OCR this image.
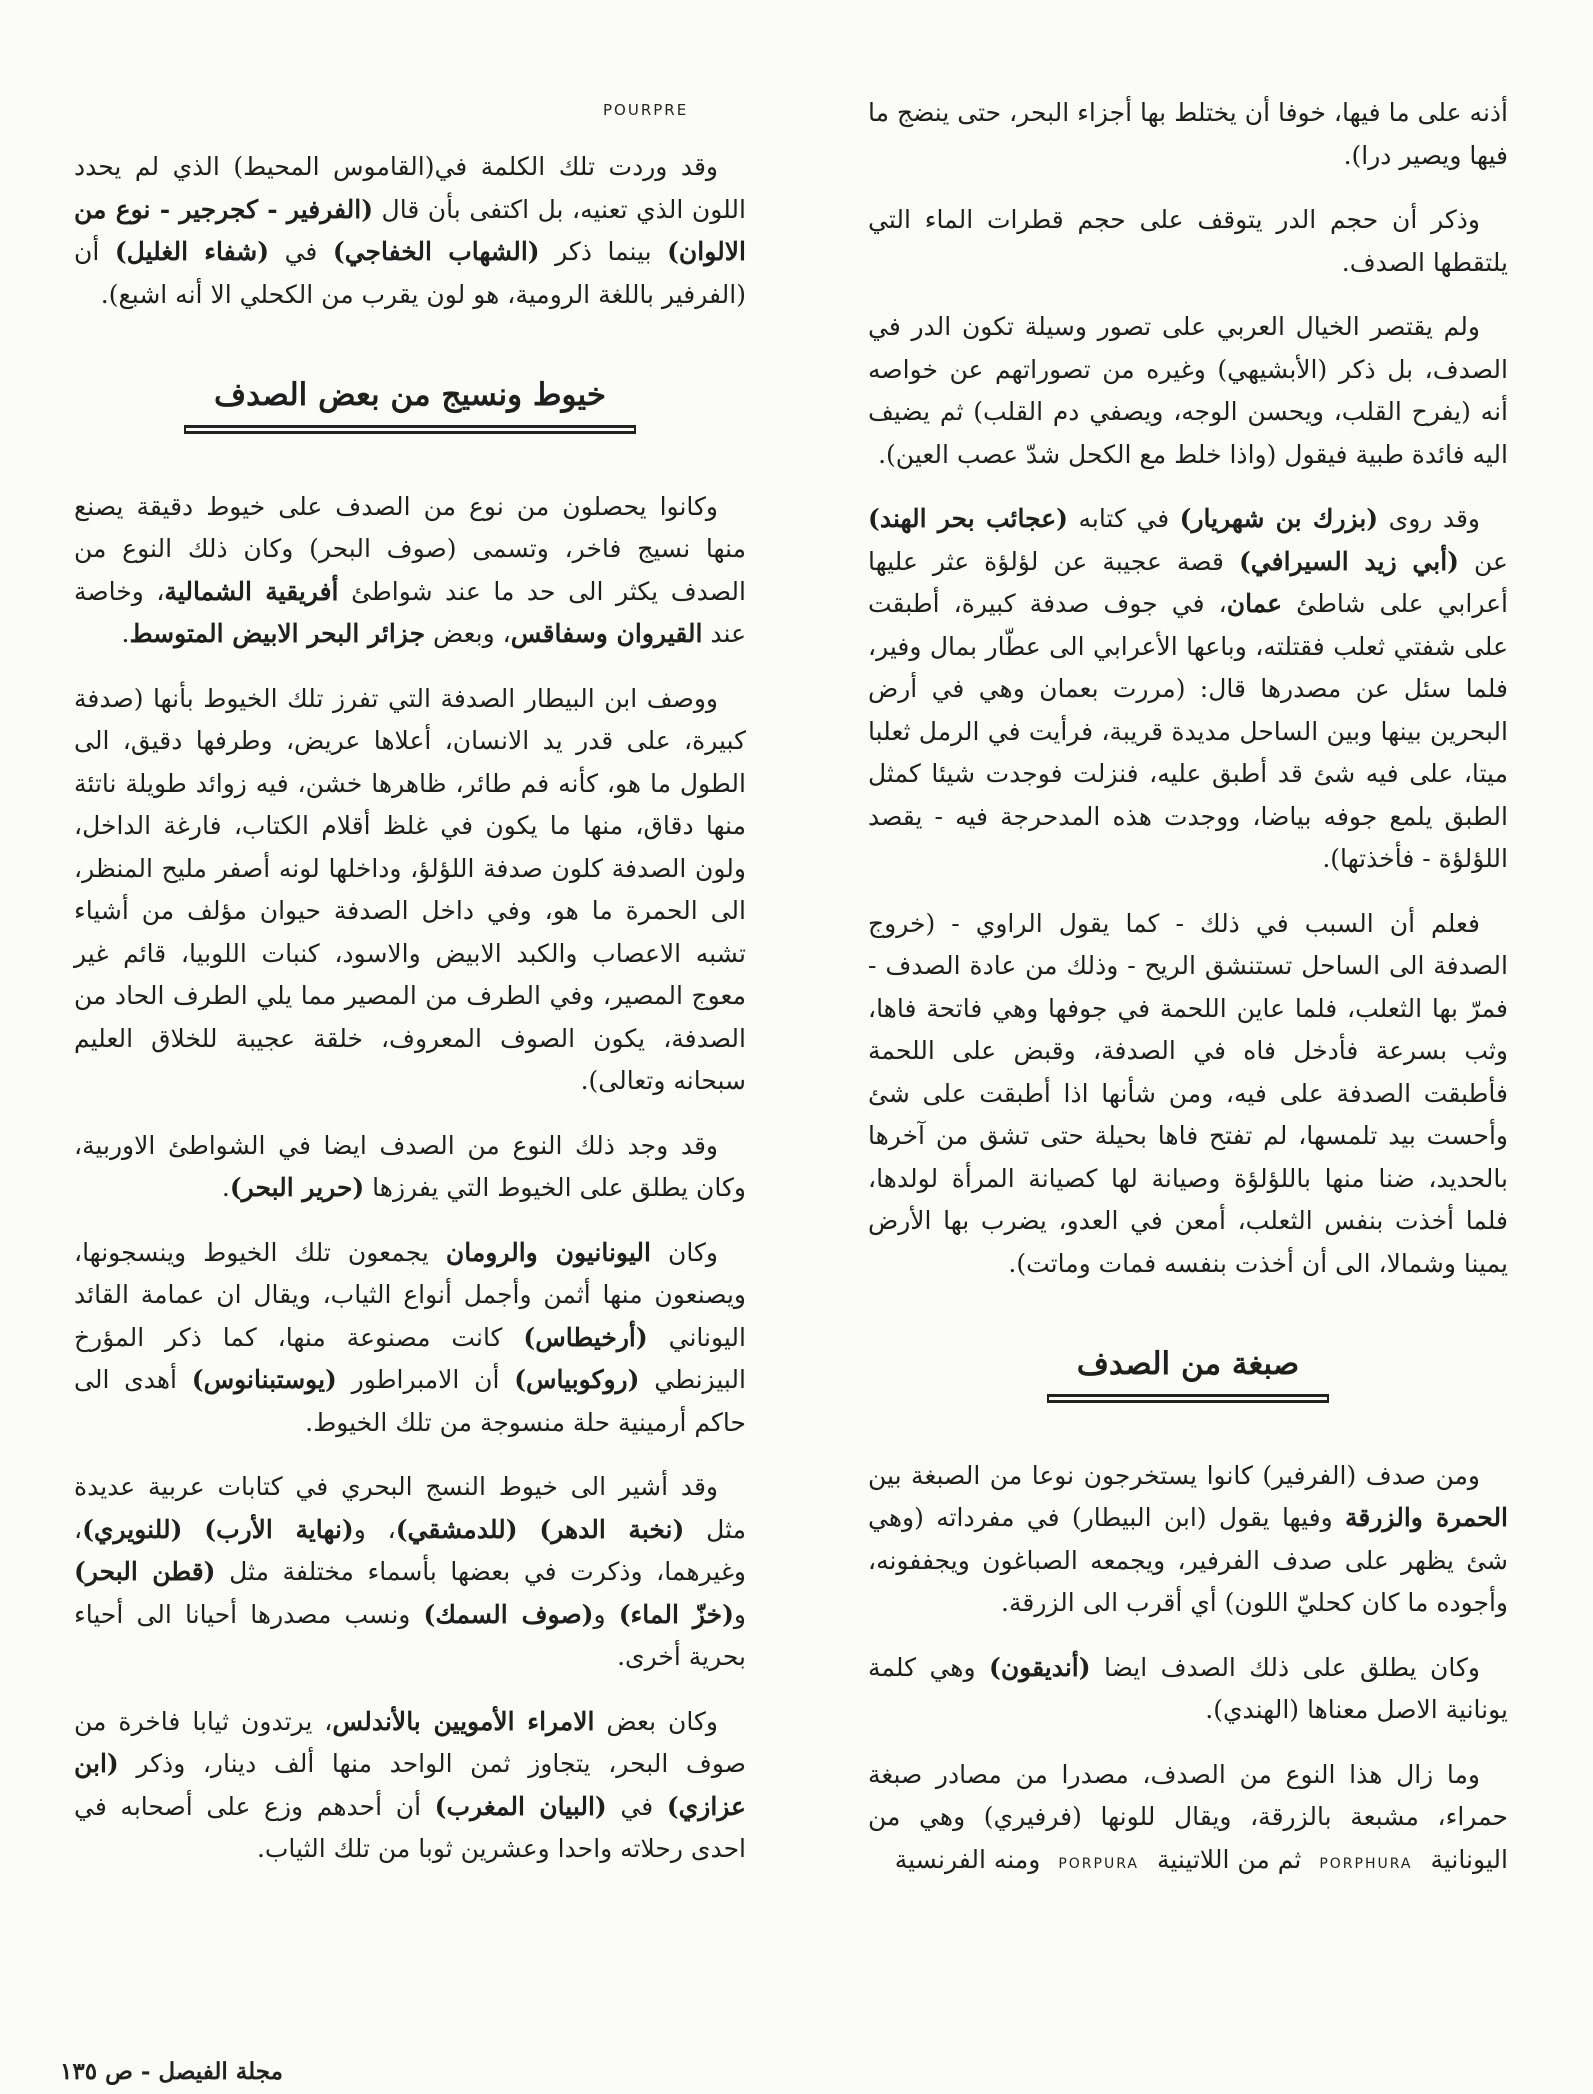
POURPRE	أذنه على ما فيها، خوفا أن يختلط بها أجزاء البحر، حتى ينضج ما فيها ويصير درا).

وذكر أن حجم الدر يتوقف على حجم قطرات الماء التي يلتقطها الصدف.

ولم يقتصر الخيال العربي على تصور وسيلة تكون الدر في الصدف، بل ذكر (الأبشيهي) وغيره من تصوراتهم عن خواصه أنه (يفرح القلب، ويحسن الوجه، ويصفي دم القلب) ثم يضيف اليه فائدة طبية فيقول (واذا خلط مع الكحل شدّ عصب العين).

وقد روى (بزرك بن شهريار) في كتابه (عجائب بحر الهند) عن (أبي زيد السيرافي) قصة عجيبة عن لؤلؤة عثر عليها أعرابي على شاطئ عمان، في جوف صدفة كبيرة، أطبقت على شفتي ثعلب فقتلته، وباعها الأعرابي الى عطّار بمال وفير، فلما سئل عن مصدرها قال: (مررت بعمان وهي في أرض البحرين بينها وبين الساحل مديدة قريبة، فرأيت في الرمل ثعلبا ميتا، على فيه شئ قد أطبق عليه، فنزلت فوجدت شيئا كمثل الطبق يلمع جوفه بياضا، ووجدت هذه المدحرجة فيه - يقصد اللؤلؤة - فأخذتها).

فعلم أن السبب في ذلك - كما يقول الراوي - (خروج الصدفة الى الساحل تستنشق الريح - وذلك من عادة الصدف - فمرّ بها الثعلب، فلما عاين اللحمة في جوفها وهي فاتحة فاها، وثب بسرعة فأدخل فاه في الصدفة، وقبض على اللحمة فأطبقت الصدفة على فيه، ومن شأنها اذا أطبقت على شئ وأحست بيد تلمسها، لم تفتح فاها بحيلة حتى تشق من آخرها بالحديد، ضنا منها باللؤلؤة وصيانة لها كصيانة المرأة لولدها، فلما أخذت بنفس الثعلب، أمعن في العدو، يضرب بها الأرض يمينا وشمالا، الى أن أخذت بنفسه فمات وماتت).

صبغة من الصدف

ومن صدف (الفرفير) كانوا يستخرجون نوعا من الصبغة بين الحمرة والزرقة وفيها يقول (ابن البيطار) في مفرداته (وهي شئ يظهر على صدف الفرفير، ويجمعه الصباغون ويجففونه، وأجوده ما كان كحليّ اللون) أي أقرب الى الزرقة.

وكان يطلق على ذلك الصدف ايضا (أنديقون) وهي كلمة يونانية الاصل معناها (الهندي).

وما زال هذا النوع من الصدف، مصدرا من مصادر صبغة حمراء، مشبعة بالزرقة، ويقال للونها (فرفيري) وهي من اليونانيةPORPHURAثم من اللاتينيةPORPURAومنه الفرنسية

وقد وردت تلك الكلمة في(القاموس المحيط) الذي لم يحدد اللون الذي تعنيه، بل اكتفى بأن قال (الفرفير - كجرجير - نوع من الالوان) بينما ذكر (الشهاب الخفاجي) في (شفاء الغليل) أن (الفرفير باللغة الرومية، هو لون يقرب من الكحلي الا أنه اشبع).

خيوط ونسيج من بعض الصدف

وكانوا يحصلون من نوع من الصدف على خيوط دقيقة يصنع منها نسيج فاخر، وتسمى (صوف البحر) وكان ذلك النوع من الصدف يكثر الى حد ما عند شواطئ أفريقية الشمالية، وخاصة عند القيروان وسفاقس، وبعض جزائر البحر الابيض المتوسط.

ووصف ابن البيطار الصدفة التي تفرز تلك الخيوط بأنها (صدفة كبيرة، على قدر يد الانسان، أعلاها عريض، وطرفها دقيق، الى الطول ما هو، كأنه فم طائر، ظاهرها خشن، فيه زوائد طويلة ناتئة منها دقاق، منها ما يكون في غلظ أقلام الكتاب، فارغة الداخل، ولون الصدفة كلون صدفة اللؤلؤ، وداخلها لونه أصفر مليح المنظر، الى الحمرة ما هو، وفي داخل الصدفة حيوان مؤلف من أشياء تشبه الاعصاب والكبد الابيض والاسود، كنبات اللوبيا، قائم غير معوج المصير، وفي الطرف من المصير مما يلي الطرف الحاد من الصدفة، يكون الصوف المعروف، خلقة عجيبة للخلاق العليم سبحانه وتعالى).

وقد وجد ذلك النوع من الصدف ايضا في الشواطئ الاوربية، وكان يطلق على الخيوط التي يفرزها (حرير البحر).

وكان اليونانيون والرومان يجمعون تلك الخيوط وينسجونها، ويصنعون منها أثمن وأجمل أنواع الثياب، ويقال ان عمامة القائد اليوناني (أرخيطاس) كانت مصنوعة منها، كما ذكر المؤرخ البيزنطي (روكوبياس) أن الامبراطور (يوستبنانوس) أهدى الى حاكم أرمينية حلة منسوجة من تلك الخيوط.

وقد أشير الى خيوط النسج البحري في كتابات عربية عديدة مثل (نخبة الدهر) (للدمشقي)، و(نهاية الأرب) (للنويري)، وغيرهما، وذكرت في بعضها بأسماء مختلفة مثل (قطن البحر) و(خزّ الماء) و(صوف السمك) ونسب مصدرها أحيانا الى أحياء بحرية أخرى.

وكان بعض الامراء الأمويين بالأندلس، يرتدون ثيابا فاخرة من صوف البحر، يتجاوز ثمن الواحد منها ألف دينار، وذكر (ابن عزازي) في (البيان المغرب) أن أحدهم وزع على أصحابه في احدى رحلاته واحدا وعشرين ثوبا من تلك الثياب.

مجلة الفيصل - ص ١٣٥
